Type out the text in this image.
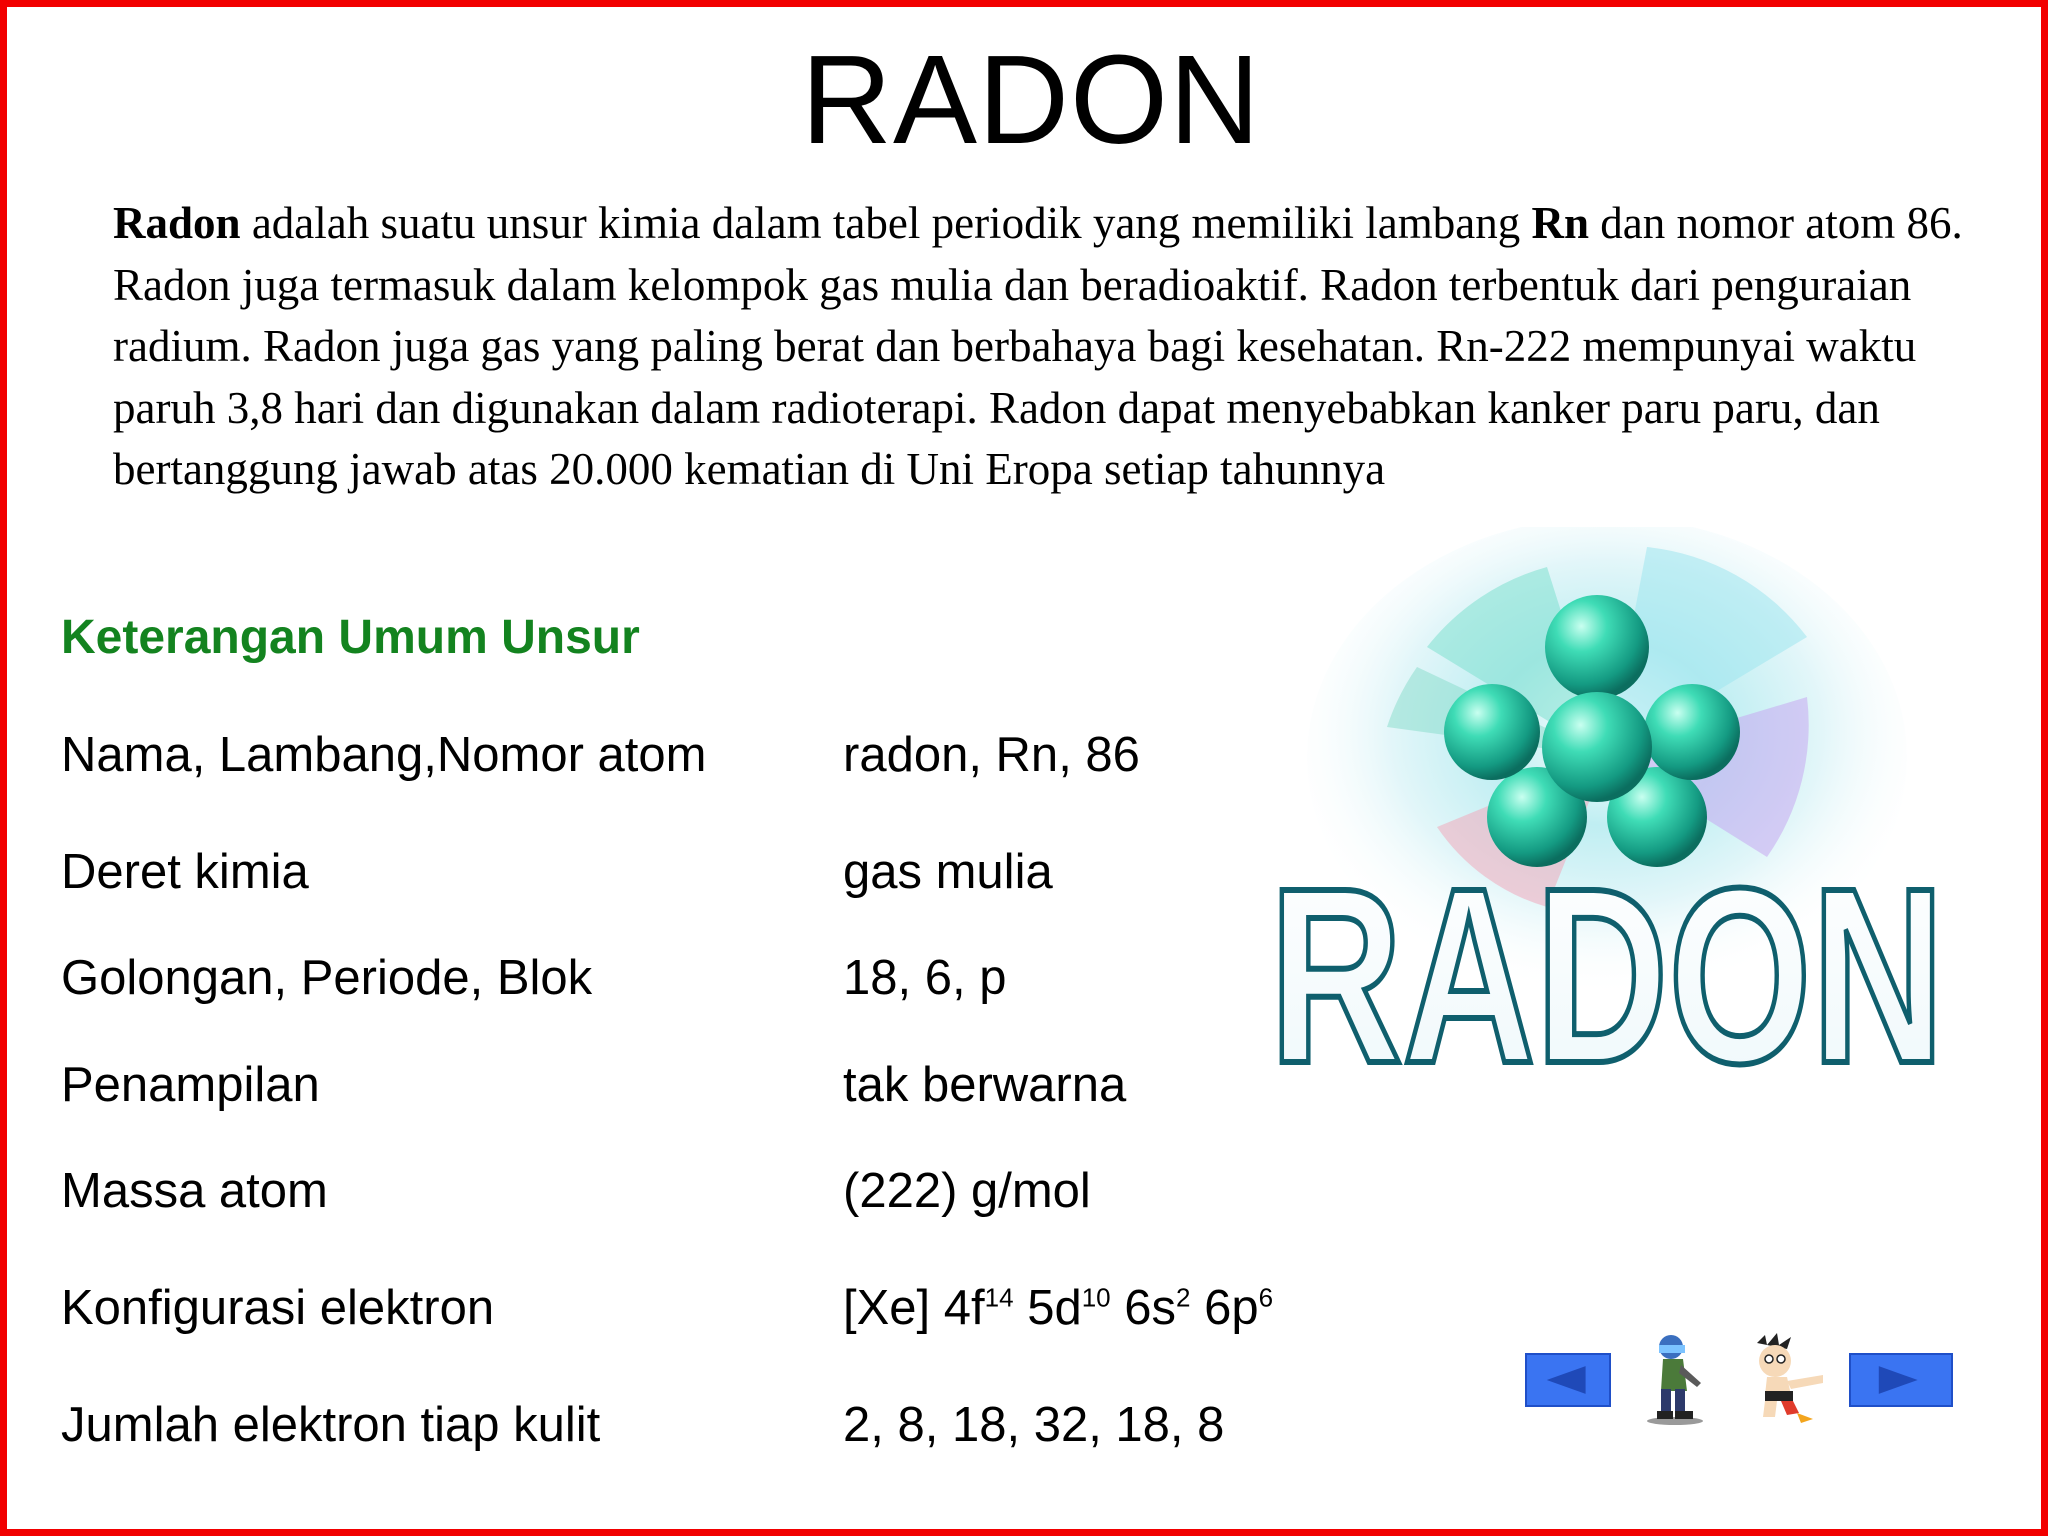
RADON

Radon adalah suatu unsur kimia dalam tabel periodik yang memiliki lambang Rn dan nomor atom 86. Radon juga termasuk dalam kelompok gas mulia dan beradioaktif. Radon terbentuk dari penguraian radium. Radon juga gas yang paling berat dan berbahaya bagi kesehatan. Rn-222 mempunyai waktu paruh 3,8 hari dan digunakan dalam radioterapi. Radon dapat menyebabkan kanker paru paru, dan bertanggung jawab atas 20.000 kematian di Uni Eropa setiap tahunnya

Keterangan Umum Unsur
Nama, Lambang,Nomor atom	radon, Rn, 86
Deret kimia	gas mulia
Golongan, Periode, Blok	18, 6, p
Penampilan	tak berwarna
Massa atom	(222) g/mol
Konfigurasi elektron	[Xe] $4f^{14}$ $5d^{10}$ $6s^2$ $6p^6$
Jumlah elektron tiap kulit	2, 8, 18, 32, 18, 8
RADON
